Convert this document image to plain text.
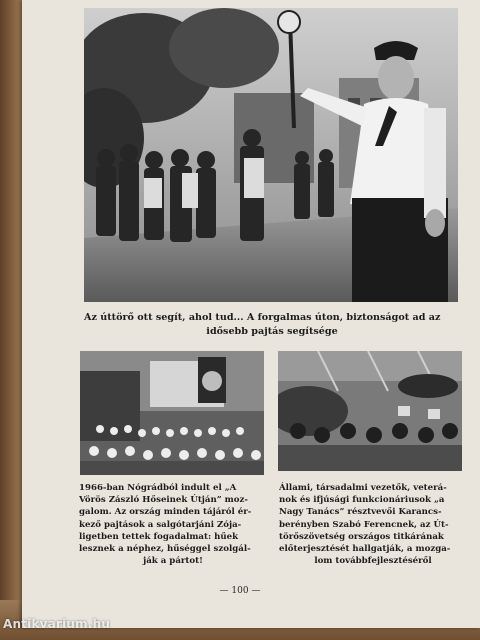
Az úttörő ott segít, ahol tud... A forgalmas úton, biztonságot ad az
idősebb pajtás segítsége
1966-ban Nógrádból indult el „A
Vörös Zászló Hőseinek Útján” moz-
galom. Az ország minden tájáról ér-
kező pajtások a salgótarjáni Zója-
ligetben tettek fogadalmat: hűek
lesznek a néphez, hűséggel szolgál-
ják a pártot!
Állami, társadalmi vezetők, veterá-
nok és ifjúsági funkcionáriusok „a
Nagy Tanács” résztvevői Karancs-
berényben Szabó Ferencnek, az Út-
törőszövetség országos titkárának
előterjesztését hallgatják, a mozga-
lom továbbfejlesztéséről
— 100 —
Antikvarium.hu
